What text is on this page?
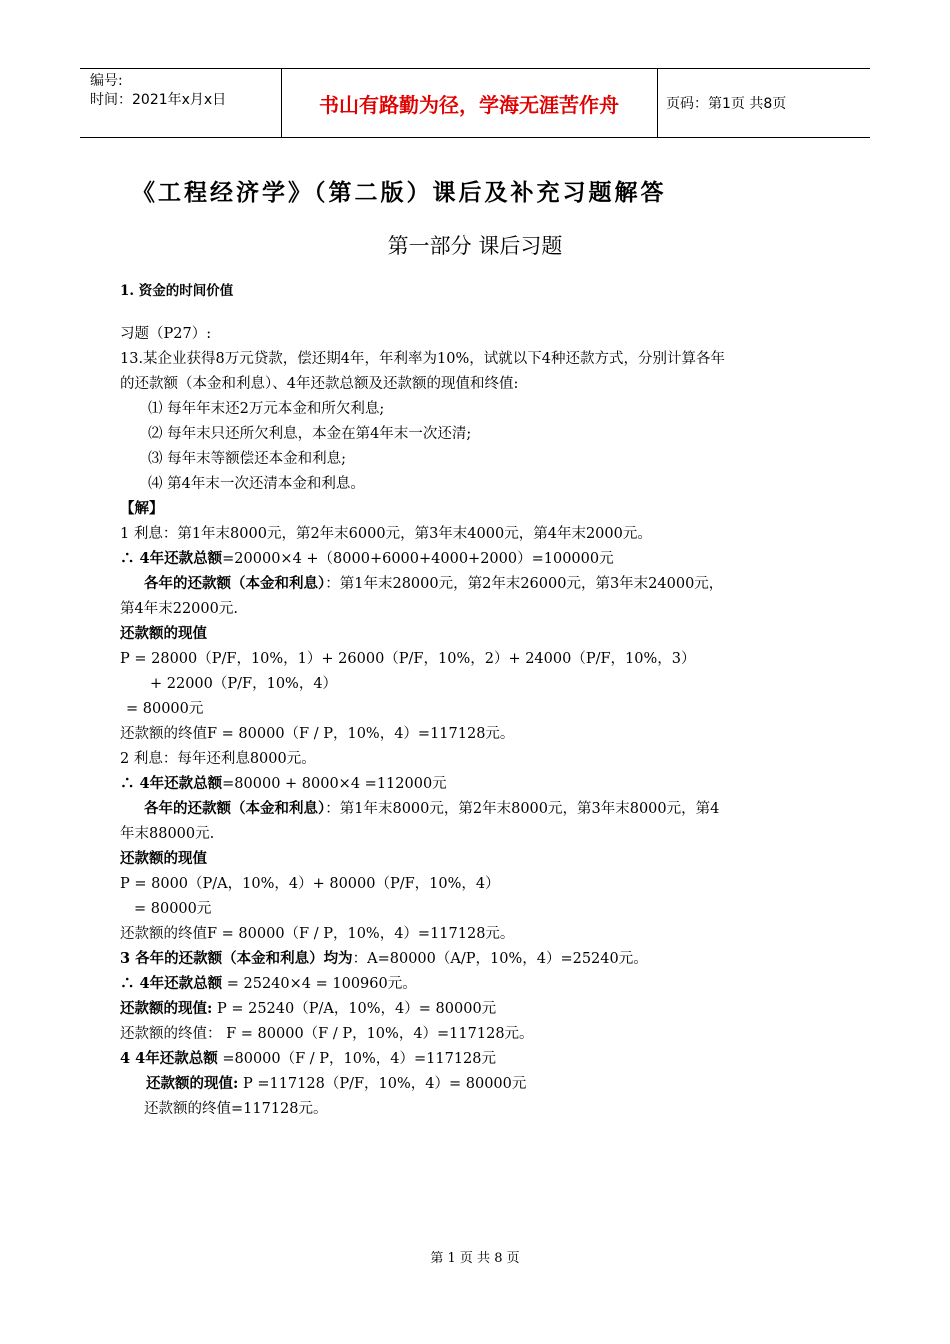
编号:
时间：2021年x月x日	书山有路勤为径，学海无涯苦作舟	页码：第1页 共8页
《工程经济学》（第二版）课后及补充习题解答
第一部分 课后习题
1. 资金的时间价值
习题（P27）:
13.某企业获得8万元贷款，偿还期4年，年利率为10%，试就以下4种还款方式，分别计算各年
的还款额（本金和利息）、4年还款总额及还款额的现值和终值:
⑴ 每年年末还2万元本金和所欠利息;
⑵ 每年末只还所欠利息，本金在第4年末一次还清;
⑶ 每年末等额偿还本金和利息;
⑷ 第4年末一次还清本金和利息。
【解】
1 利息：第1年末8000元，第2年末6000元，第3年末4000元，第4年末2000元。
∴ 4年还款总额=20000×4 +（8000+6000+4000+2000）=100000元
各年的还款额（本金和利息）：第1年末28000元，第2年末26000元，第3年末24000元，
第4年末22000元.
还款额的现值
P = 28000（P/F，10%，1）+ 26000（P/F，10%，2）+ 24000（P/F，10%，3）
+ 22000（P/F，10%，4）
= 80000元
还款额的终值F = 80000（F / P，10%，4）=117128元。
2 利息：每年还利息8000元。
∴ 4年还款总额=80000 + 8000×4 =112000元
各年的还款额（本金和利息）：第1年末8000元，第2年末8000元，第3年末8000元，第4
年末88000元.
还款额的现值
P = 8000（P/A，10%，4）+ 80000（P/F，10%，4）
= 80000元
还款额的终值F = 80000（F / P，10%，4）=117128元。
3 各年的还款额（本金和利息）均为：A=80000（A/P，10%，4）=25240元。
∴ 4年还款总额 = 25240×4 = 100960元。
还款额的现值: P = 25240（P/A，10%，4）= 80000元
还款额的终值： F = 80000（F / P，10%，4）=117128元。
4 4年还款总额 =80000（F / P，10%，4）=117128元
还款额的现值: P =117128（P/F，10%，4）= 80000元
还款额的终值=117128元。
第 1 页 共 8 页
